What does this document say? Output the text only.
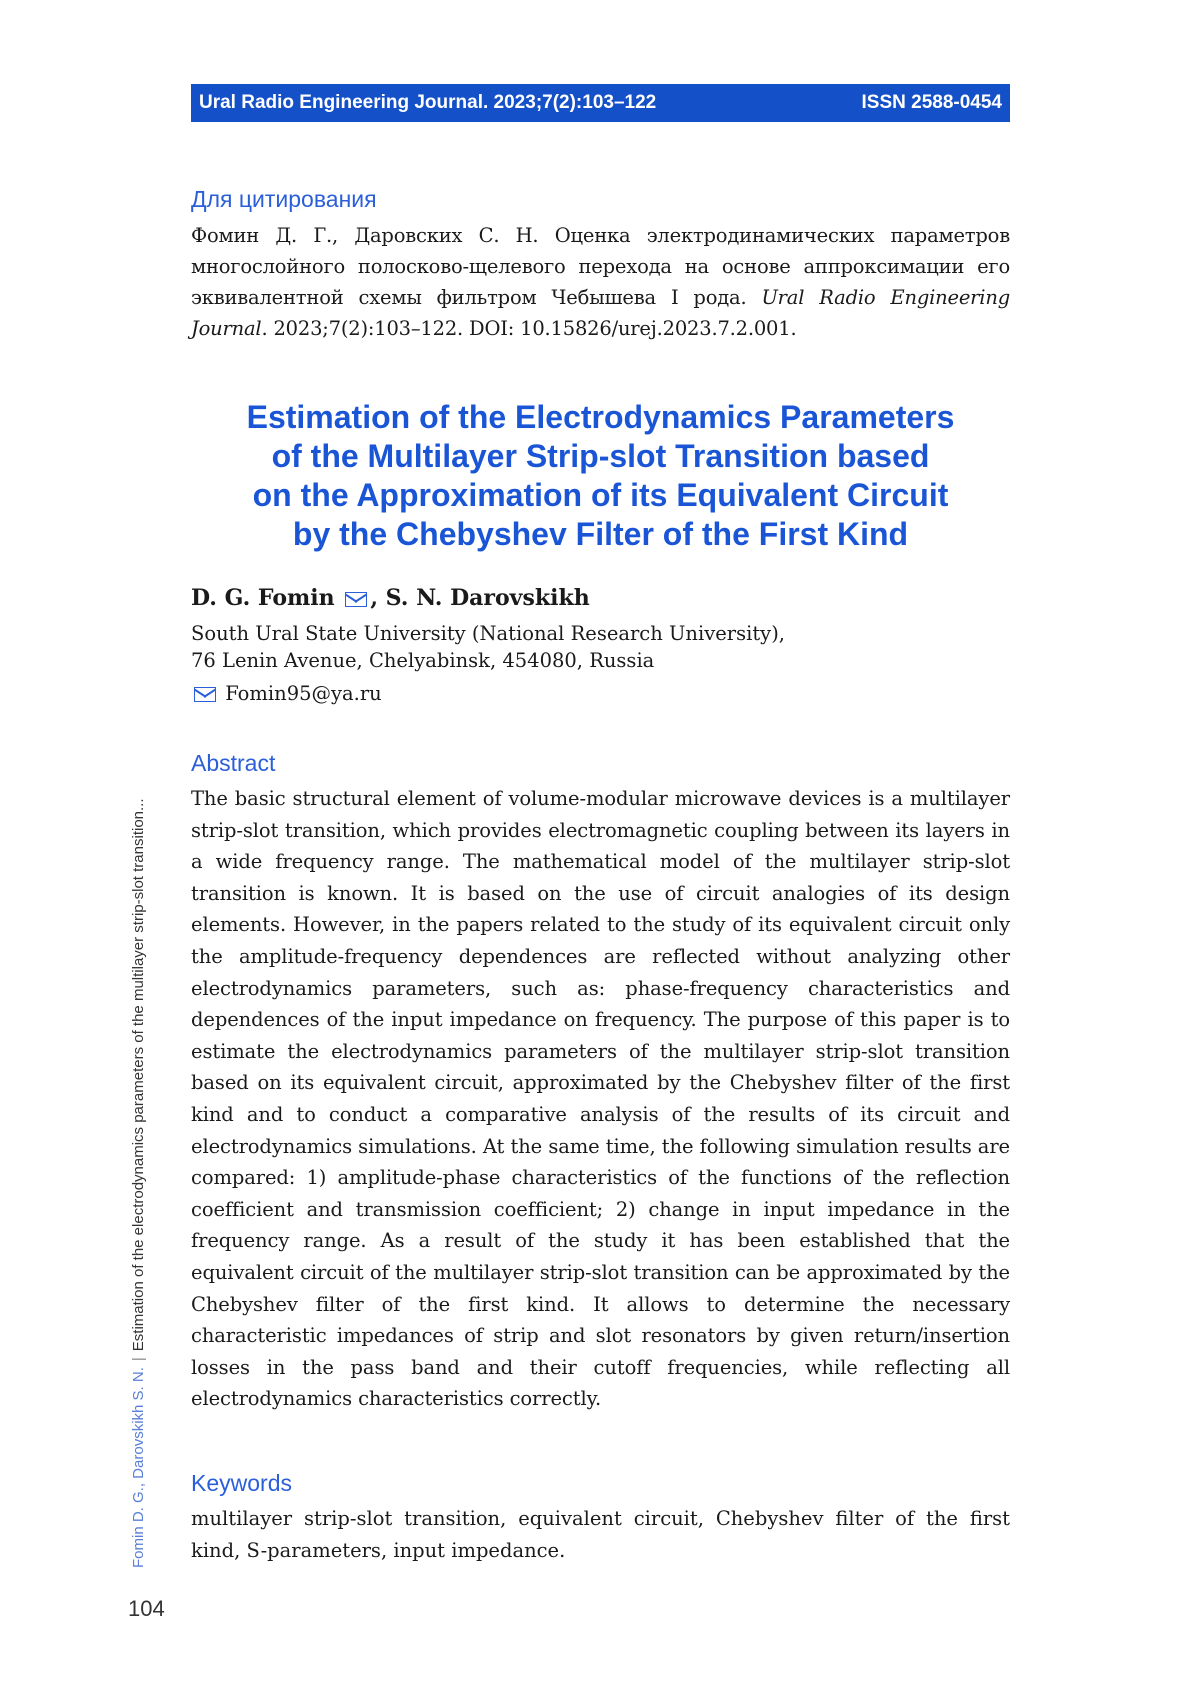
Ural Radio Engineering Journal. 2023;7(2):103–122	ISSN 2588-0454
Для цитирования
Фомин Д. Г., Даровских С. Н. Оценка электродинамических параметров многослойного полосково-щелевого перехода на основе аппроксимации его эквивалентной схемы фильтром Чебышева I рода. Ural Radio Engineering Journal. 2023;7(2):103–122. DOI: 10.15826/urej.2023.7.2.001.
Estimation of the Electrodynamics Parameters
of the Multilayer Strip-slot Transition based
on the Approximation of its Equivalent Circuit
by the Chebyshev Filter of the First Kind
D. G. Fomin , S. N. Darovskikh
South Ural State University (National Research University),
76 Lenin Avenue, Chelyabinsk, 454080, Russia
Fomin95@ya.ru
Abstract
The basic structural element of volume-modular microwave devices is a multilayer strip-slot transition, which provides electromagnetic coupling between its layers in a wide frequency range. The mathematical model of the multilayer strip-slot transition is known. It is based on the use of circuit analogies of its design elements. However, in the papers related to the study of its equivalent circuit only the amplitude-frequency dependences are reflected without analyzing other electrodynamics parameters, such as: phase-frequency characteristics and dependences of the input impedance on frequency. The purpose of this paper is to estimate the electrodynamics parameters of the multilayer strip-slot transition based on its equivalent circuit, approximated by the Chebyshev filter of the first kind and to conduct a comparative analysis of the results of its circuit and electrodynamics simulations. At the same time, the following simulation results are compared: 1) amplitude-phase characteristics of the functions of the reflection coefficient and transmission coefficient; 2) change in input impedance in the frequency range. As a result of the study it has been established that the equivalent circuit of the multilayer strip-slot transition can be approximated by the Chebyshev filter of the first kind. It allows to determine the necessary characteristic impedances of strip and slot resonators by given return/insertion losses in the pass band and their cutoff frequencies, while reflecting all electrodynamics characteristics correctly.
Keywords
multilayer strip-slot transition, equivalent circuit, Chebyshev filter of the first kind, S-parameters, input impedance.
Fomin D. G., Darovskikh S. N.|Estimation of the electrodynamics parameters of the multilayer strip-slot transition...
104
